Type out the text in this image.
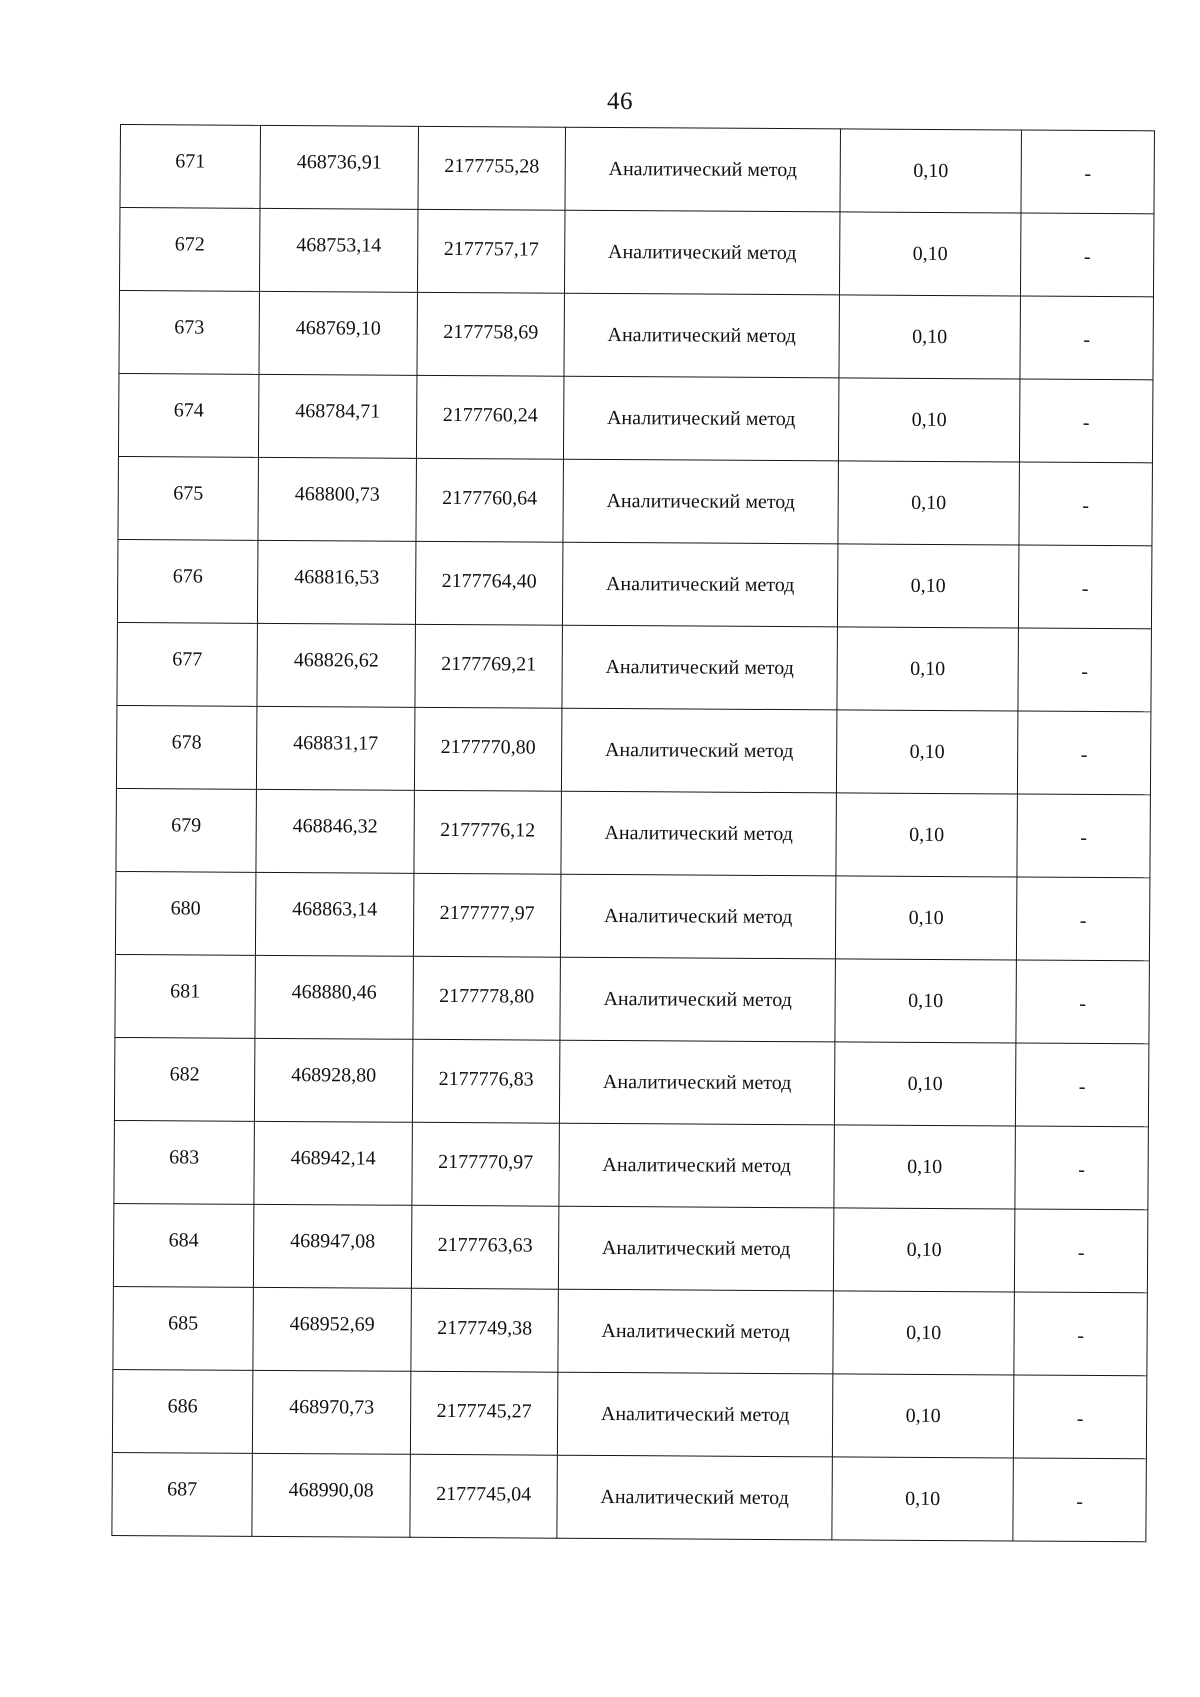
46
671	468736,91	2177755,28	Аналитический метод	0,10	-
672	468753,14	2177757,17	Аналитический метод	0,10	-
673	468769,10	2177758,69	Аналитический метод	0,10	-
674	468784,71	2177760,24	Аналитический метод	0,10	-
675	468800,73	2177760,64	Аналитический метод	0,10	-
676	468816,53	2177764,40	Аналитический метод	0,10	-
677	468826,62	2177769,21	Аналитический метод	0,10	-
678	468831,17	2177770,80	Аналитический метод	0,10	-
679	468846,32	2177776,12	Аналитический метод	0,10	-
680	468863,14	2177777,97	Аналитический метод	0,10	-
681	468880,46	2177778,80	Аналитический метод	0,10	-
682	468928,80	2177776,83	Аналитический метод	0,10	-
683	468942,14	2177770,97	Аналитический метод	0,10	-
684	468947,08	2177763,63	Аналитический метод	0,10	-
685	468952,69	2177749,38	Аналитический метод	0,10	-
686	468970,73	2177745,27	Аналитический метод	0,10	-
687	468990,08	2177745,04	Аналитический метод	0,10	-
